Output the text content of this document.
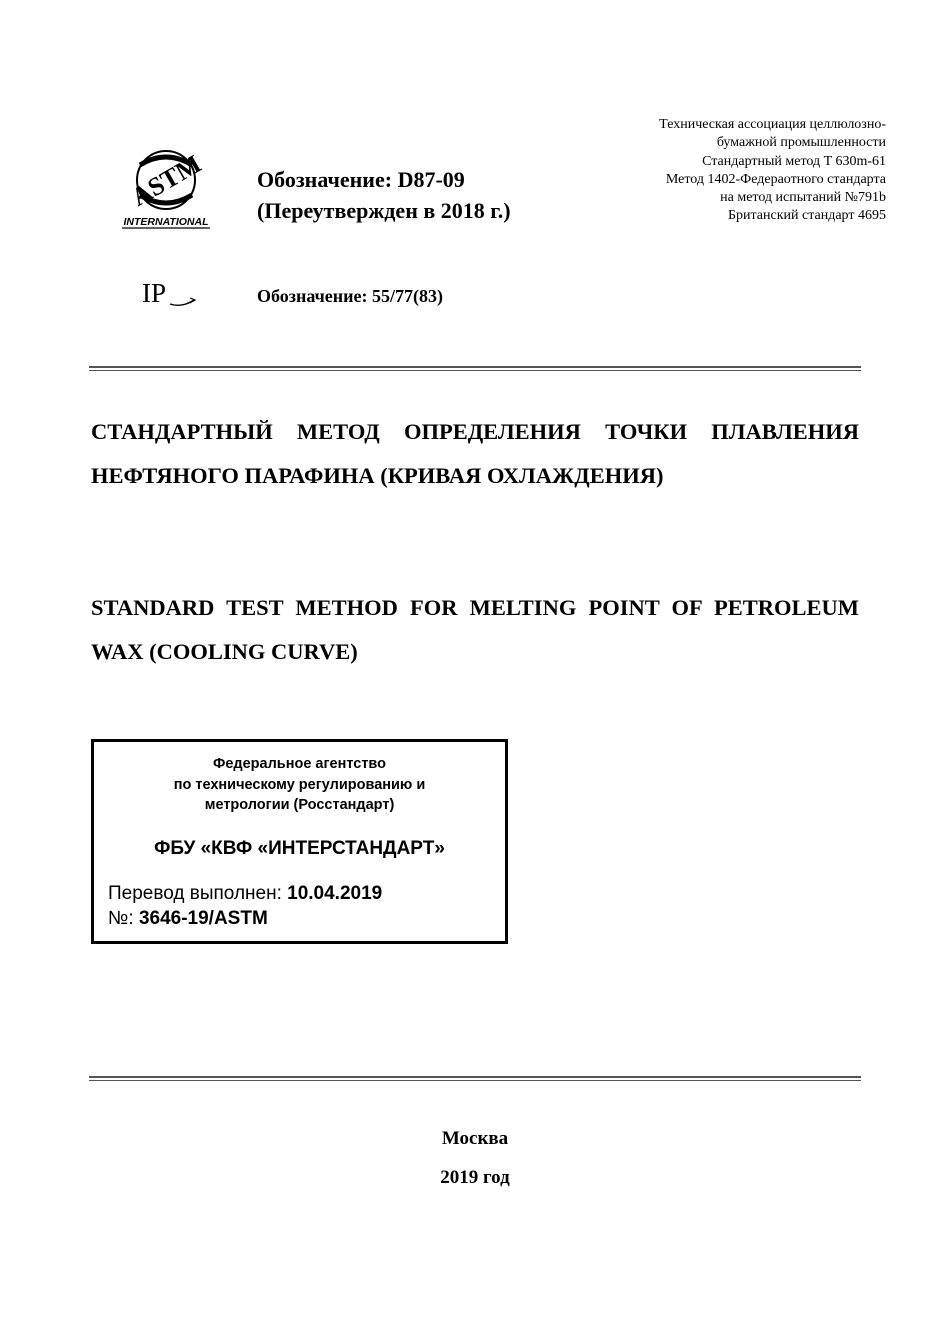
ASTM
INTERNATIONAL
IP
Обозначение: D87-09
(Переутвержден в 2018 г.)
Обозначение: 55/77(83)
Техническая ассоциация целлюлозно-
бумажной промышленности
Стандартный метод T 630m-61
Метод 1402-Федераотного стандарта
на метод испытаний №791b
Британский стандарт 4695
СТАНДАРТНЫЙ МЕТОД ОПРЕДЕЛЕНИЯ ТОЧКИ ПЛАВЛЕНИЯ НЕФТЯНОГО ПАРАФИНА (КРИВАЯ ОХЛАЖДЕНИЯ)
STANDARD TEST METHOD FOR MELTING POINT OF PETROLEUM WAX (COOLING CURVE)
Федеральное агентство
по техническому регулированию и
метрологии (Росстандарт)
ФБУ «КВФ «ИНТЕРСТАНДАРТ»
Перевод выполнен: 10.04.2019
№: 3646-19/ASTM
Москва
2019 год
